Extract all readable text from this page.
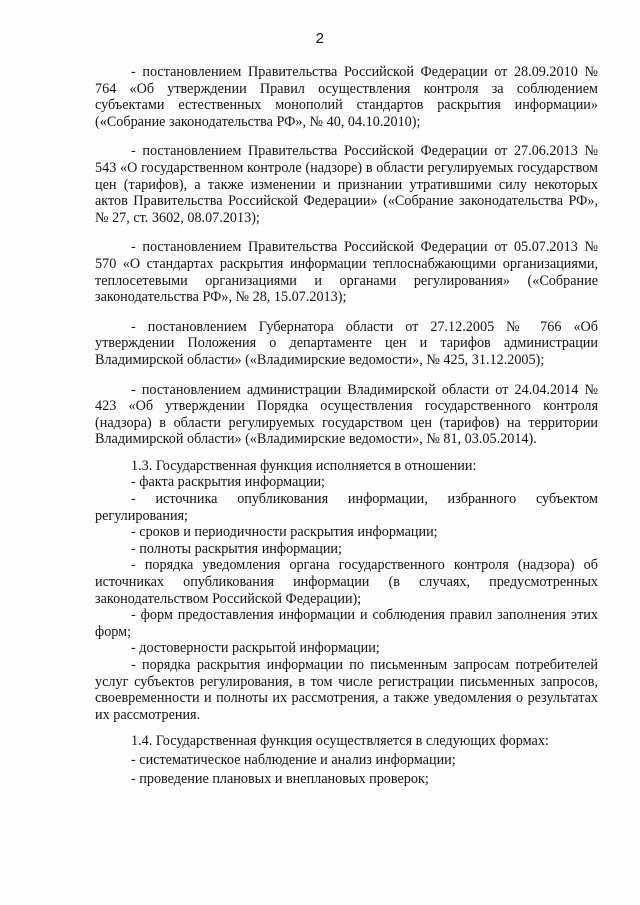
2

- постановлением Правительства Российской Федерации от 28.09.2010 № 764 «Об утверждении Правил осуществления контроля за соблюдением субъектами естественных монополий стандартов раскрытия информации» («Собрание законодательства РФ», № 40, 04.10.2010);

- постановлением Правительства Российской Федерации от 27.06.2013 № 543 «О государственном контроле (надзоре) в области регулируемых государством цен (тарифов), а также изменении и признании утратившими силу некоторых актов Правительства Российской Федерации» («Собрание законодательства РФ», № 27, ст. 3602, 08.07.2013);

- постановлением Правительства Российской Федерации от 05.07.2013 № 570 «О стандартах раскрытия информации теплоснабжающими организациями, теплосетевыми организациями и органами регулирования» («Собрание законодательства РФ», № 28, 15.07.2013);

- постановлением Губернатора области от 27.12.2005 № 766 «Об утверждении Положения о департаменте цен и тарифов администрации Владимирской области» («Владимирские ведомости», № 425, 31.12.2005);

- постановлением администрации Владимирской области от 24.04.2014 № 423 «Об утверждении Порядка осуществления государственного контроля (надзора) в области регулируемых государством цен (тарифов) на территории Владимирской области» («Владимирские ведомости», № 81, 03.05.2014).

1.3. Государственная функция исполняется в отношении:

- факта раскрытия информации;

- источника опубликования информации, избранного субъектом регулирования;

- сроков и периодичности раскрытия информации;

- полноты раскрытия информации;

- порядка уведомления органа государственного контроля (надзора) об источниках опубликования информации (в случаях, предусмотренных законодательством Российской Федерации);

- форм предоставления информации и соблюдения правил заполнения этих форм;

- достоверности раскрытой информации;

- порядка раскрытия информации по письменным запросам потребителей услуг субъектов регулирования, в том числе регистрации письменных запросов, своевременности и полноты их рассмотрения, а также уведомления о результатах их рассмотрения.

1.4. Государственная функция осуществляется в следующих формах:

- систематическое наблюдение и анализ информации;

- проведение плановых и внеплановых проверок;
